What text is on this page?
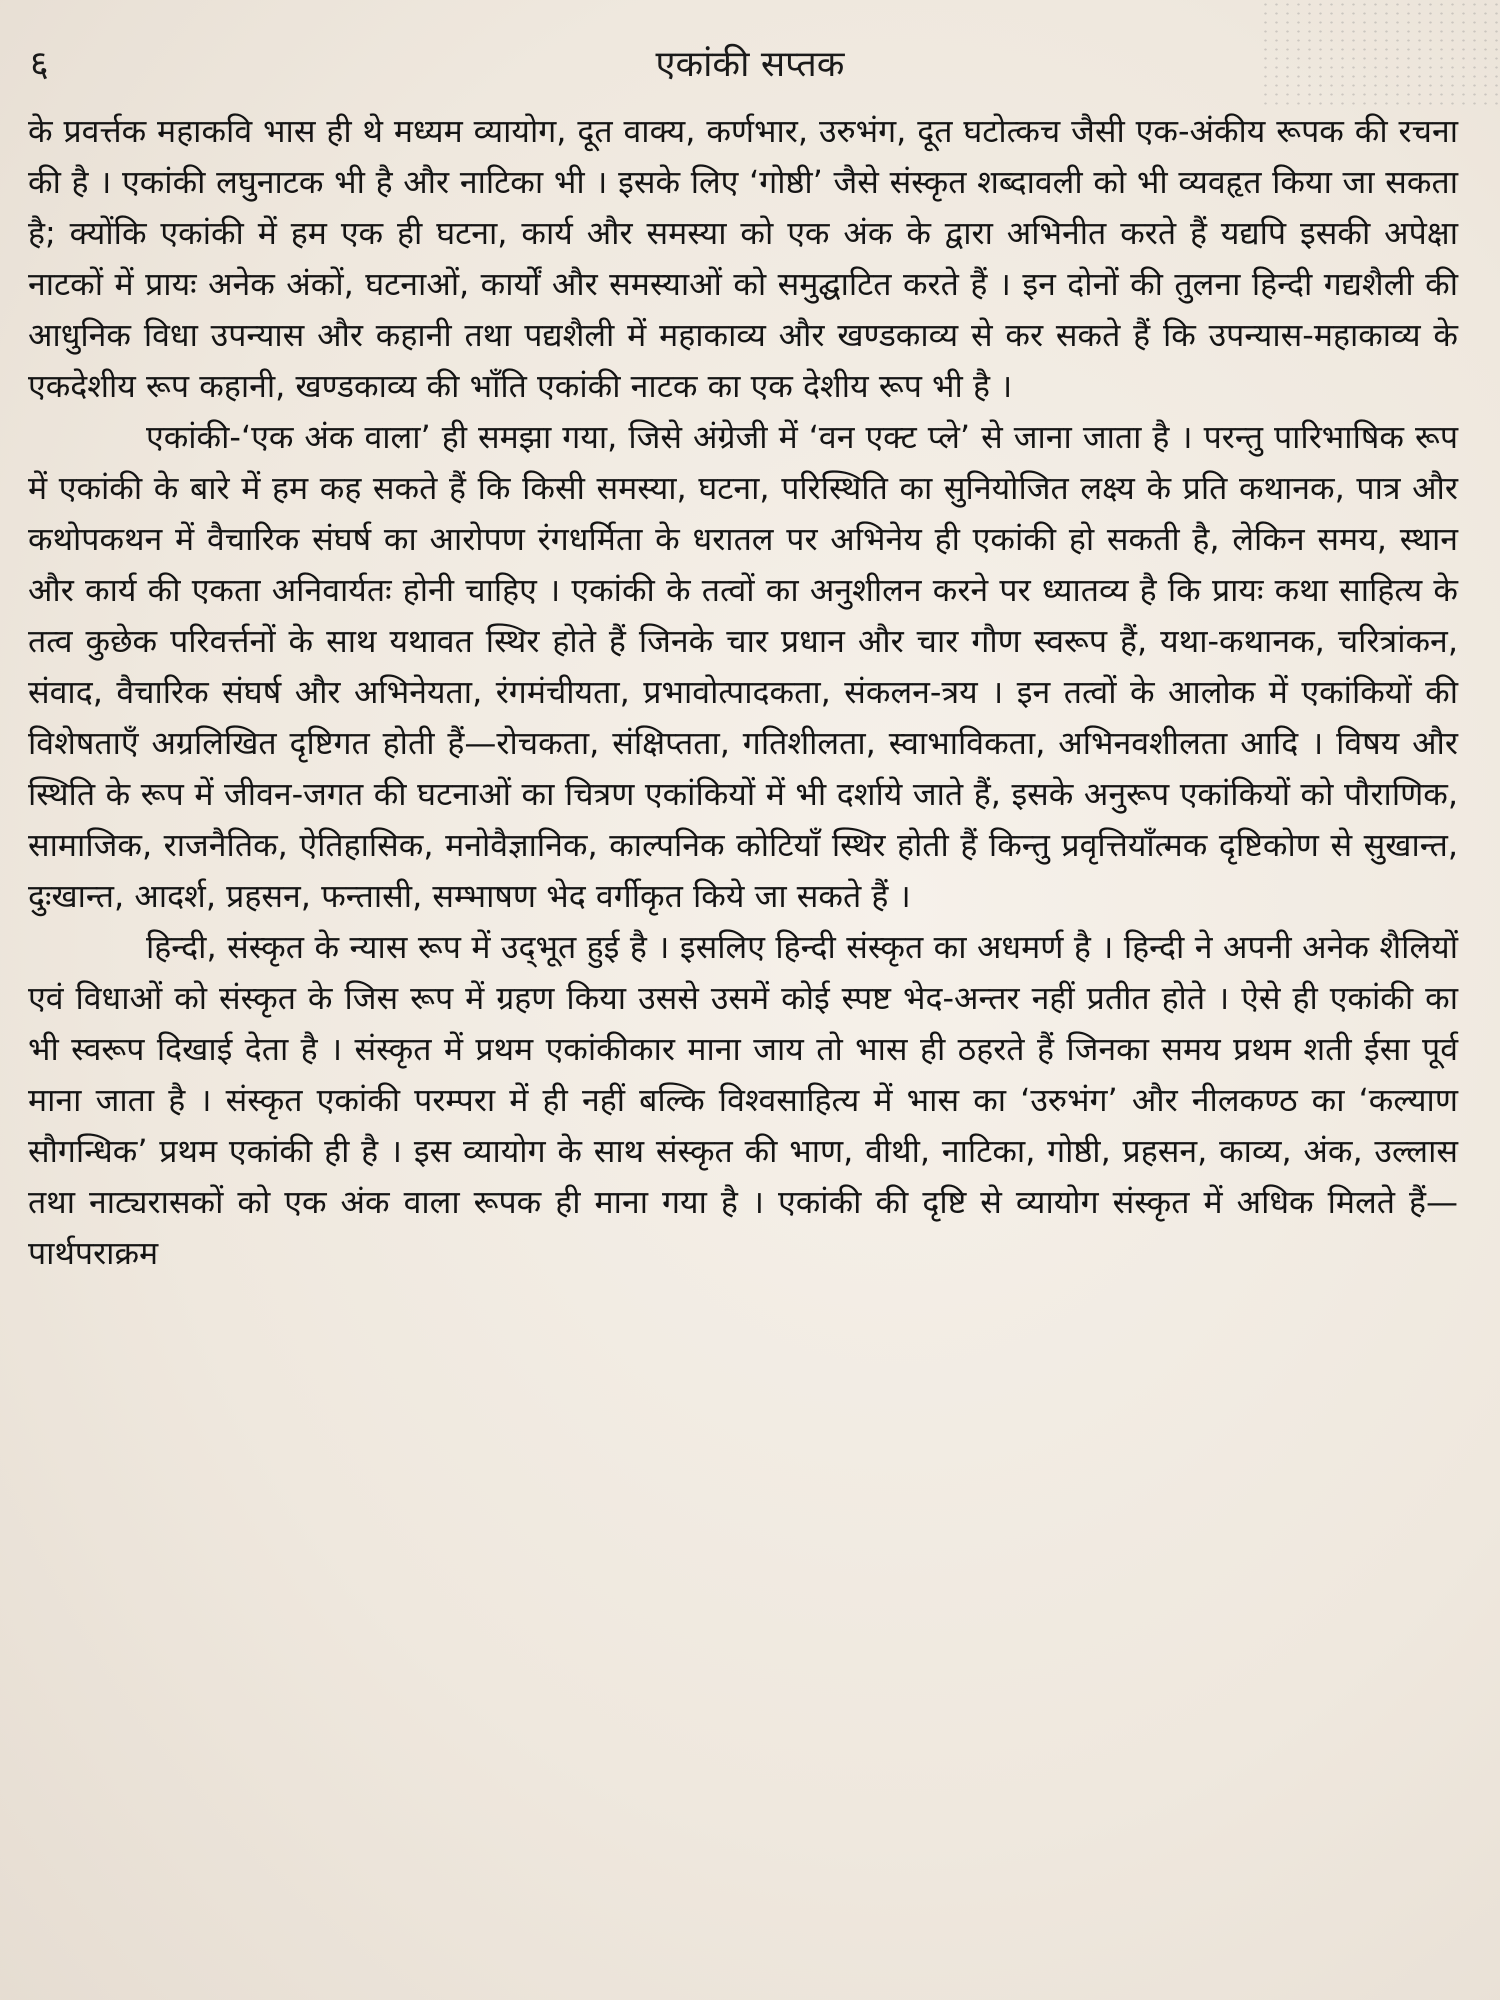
६	एकांकी सप्तक

के प्रवर्त्तक महाकवि भास ही थे मध्यम व्यायोग, दूत वाक्य, कर्णभार, उरुभंग, दूत घटोत्कच जैसी एक-अंकीय रूपक की रचना की है । एकांकी लघुनाटक भी है और नाटिका भी । इसके लिए ‘गोष्ठी’ जैसे संस्कृत शब्दावली को भी व्यवहृत किया जा सकता है; क्योंकि एकांकी में हम एक ही घटना, कार्य और समस्या को एक अंक के द्वारा अभिनीत करते हैं यद्यपि इसकी अपेक्षा नाटकों में प्रायः अनेक अंकों, घटनाओं, कार्यों और समस्याओं को समुद्घाटित करते हैं । इन दोनों की तुलना हिन्दी गद्यशैली की आधुनिक विधा उपन्यास और कहानी तथा पद्यशैली में महाकाव्य और खण्डकाव्य से कर सकते हैं कि उपन्यास-महाकाव्य के एकदेशीय रूप कहानी, खण्डकाव्य की भाँति एकांकी नाटक का एक देशीय रूप भी है ।

एकांकी-‘एक अंक वाला’ ही समझा गया, जिसे अंग्रेजी में ‘वन एक्ट प्ले’ से जाना जाता है । परन्तु पारिभाषिक रूप में एकांकी के बारे में हम कह सकते हैं कि किसी समस्या, घटना, परिस्थिति का सुनियोजित लक्ष्य के प्रति कथानक, पात्र और कथोपकथन में वैचारिक संघर्ष का आरोपण रंगधर्मिता के धरातल पर अभिनेय ही एकांकी हो सकती है, लेकिन समय, स्थान और कार्य की एकता अनिवार्यतः होनी चाहिए । एकांकी के तत्वों का अनुशीलन करने पर ध्यातव्य है कि प्रायः कथा साहित्य के तत्व कुछेक परिवर्त्तनों के साथ यथावत स्थिर होते हैं जिनके चार प्रधान और चार गौण स्वरूप हैं, यथा-कथानक, चरित्रांकन, संवाद, वैचारिक संघर्ष और अभिनेयता, रंगमंचीयता, प्रभावोत्पादकता, संकलन-त्रय । इन तत्वों के आलोक में एकांकियों की विशेषताएँ अग्रलिखित दृष्टिगत होती हैं—रोचकता, संक्षिप्तता, गतिशीलता, स्वाभाविकता, अभिनवशीलता आदि । विषय और स्थिति के रूप में जीवन-जगत की घटनाओं का चित्रण एकांकियों में भी दर्शाये जाते हैं, इसके अनुरूप एकांकियों को पौराणिक, सामाजिक, राजनैतिक, ऐतिहासिक, मनोवैज्ञानिक, काल्पनिक कोटियाँ स्थिर होती हैं किन्तु प्रवृत्तियाँत्मक दृष्टिकोण से सुखान्त, दुःखान्त, आदर्श, प्रहसन, फन्तासी, सम्भाषण भेद वर्गीकृत किये जा सकते हैं ।

हिन्दी, संस्कृत के न्यास रूप में उद्‌भूत हुई है । इसलिए हिन्दी संस्कृत का अधमर्ण है । हिन्दी ने अपनी अनेक शैलियों एवं विधाओं को संस्कृत के जिस रूप में ग्रहण किया उससे उसमें कोई स्पष्ट भेद-अन्तर नहीं प्रतीत होते । ऐसे ही एकांकी का भी स्वरूप दिखाई देता है । संस्कृत में प्रथम एकांकीकार माना जाय तो भास ही ठहरते हैं जिनका समय प्रथम शती ईसा पूर्व माना जाता है । संस्कृत एकांकी परम्परा में ही नहीं बल्कि विश्वसाहित्य में भास का ‘उरुभंग’ और नीलकण्ठ का ‘कल्याण सौगन्धिक’ प्रथम एकांकी ही है । इस व्यायोग के साथ संस्कृत की भाण, वीथी, नाटिका, गोष्ठी, प्रहसन, काव्य, अंक, उल्लास तथा नाट्यरासकों को एक अंक वाला रूपक ही माना गया है । एकांकी की दृष्टि से व्यायोग संस्कृत में अधिक मिलते हैं—पार्थपराक्रम
